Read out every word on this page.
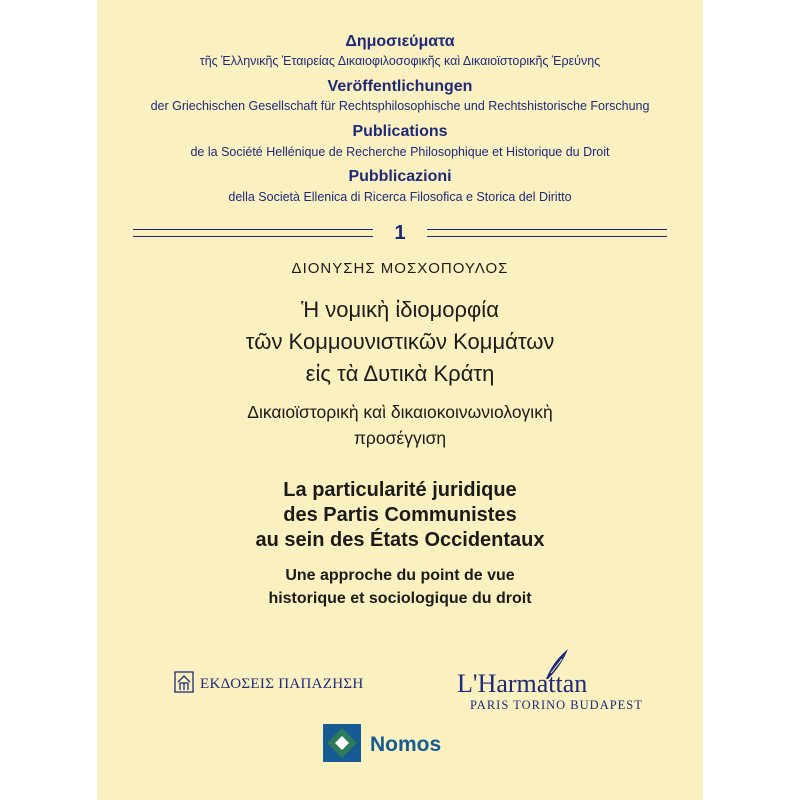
Δημοσιεύματα
τῆς Ἑλληνικῆς Ἑταιρείας Δικαιοφιλοσοφικῆς καὶ Δικαιοϊστορικῆς Ἐρεύνης
Veröffentlichungen
der Griechischen Gesellschaft für Rechtsphilosophische und Rechtshistorische Forschung
Publications
de la Société Hellénique de Recherche Philosophique et Historique du Droit
Pubblicazioni
della Società Ellenica di Ricerca Filosofica e Storica del Diritto
1
ΔΙΟΝΥΣΗΣ ΜΟΣΧΟΠΟΥΛΟΣ
Ἡ νομικὴ ἰδιομορφία
τῶν Κομμουνιστικῶν Κομμάτων
εἰς τὰ Δυτικὰ Κράτη
Δικαιοϊστορικὴ καὶ δικαιοκοινωνιολογικὴ
προσέγγιση
La particularité juridique
des Partis Communistes
au sein des États Occidentaux
Une approche du point de vue
historique et sociologique du droit
ΕΚΔΟΣΕΙΣ ΠΑΠΑΖΗΣΗ	L'Harmattan
PARIS TORINO BUDAPEST
Nomos
